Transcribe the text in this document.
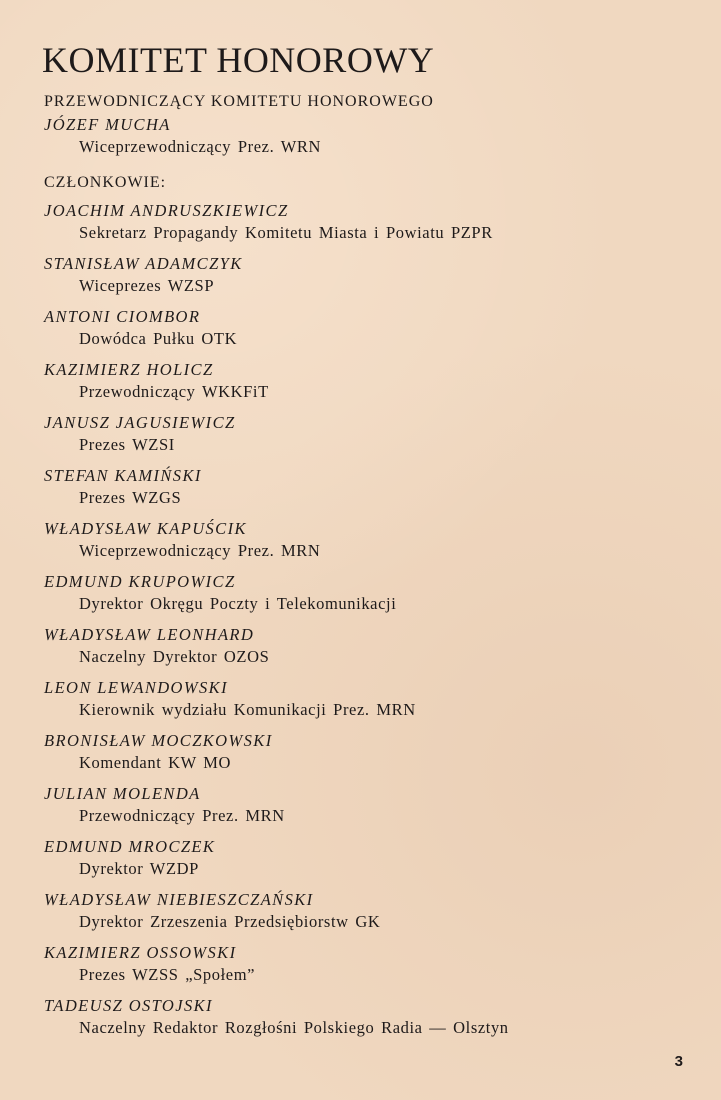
KOMITET HONOROWY
PRZEWODNICZĄCY KOMITETU HONOROWEGO
JÓZEF MUCHA
Wiceprzewodniczący Prez. WRN
CZŁONKOWIE:
JOACHIM ANDRUSZKIEWICZ
Sekretarz Propagandy Komitetu Miasta i Powiatu PZPR
STANISŁAW ADAMCZYK
Wiceprezes WZSP
ANTONI CIOMBOR
Dowódca Pułku OTK
KAZIMIERZ HOLICZ
Przewodniczący WKKFiT
JANUSZ JAGUSIEWICZ
Prezes WZSI
STEFAN KAMIŃSKI
Prezes WZGS
WŁADYSŁAW KAPUŚCIK
Wiceprzewodniczący Prez. MRN
EDMUND KRUPOWICZ
Dyrektor Okręgu Poczty i Telekomunikacji
WŁADYSŁAW LEONHARD
Naczelny Dyrektor OZOS
LEON LEWANDOWSKI
Kierownik wydziału Komunikacji Prez. MRN
BRONISŁAW MOCZKOWSKI
Komendant KW MO
JULIAN MOLENDA
Przewodniczący Prez. MRN
EDMUND MROCZEK
Dyrektor WZDP
WŁADYSŁAW NIEBIESZCZAŃSKI
Dyrektor Zrzeszenia Przedsiębiorstw GK
KAZIMIERZ OSSOWSKI
Prezes WZSS „Społem”
TADEUSZ OSTOJSKI
Naczelny Redaktor Rozgłośni Polskiego Radia — Olsztyn
3
